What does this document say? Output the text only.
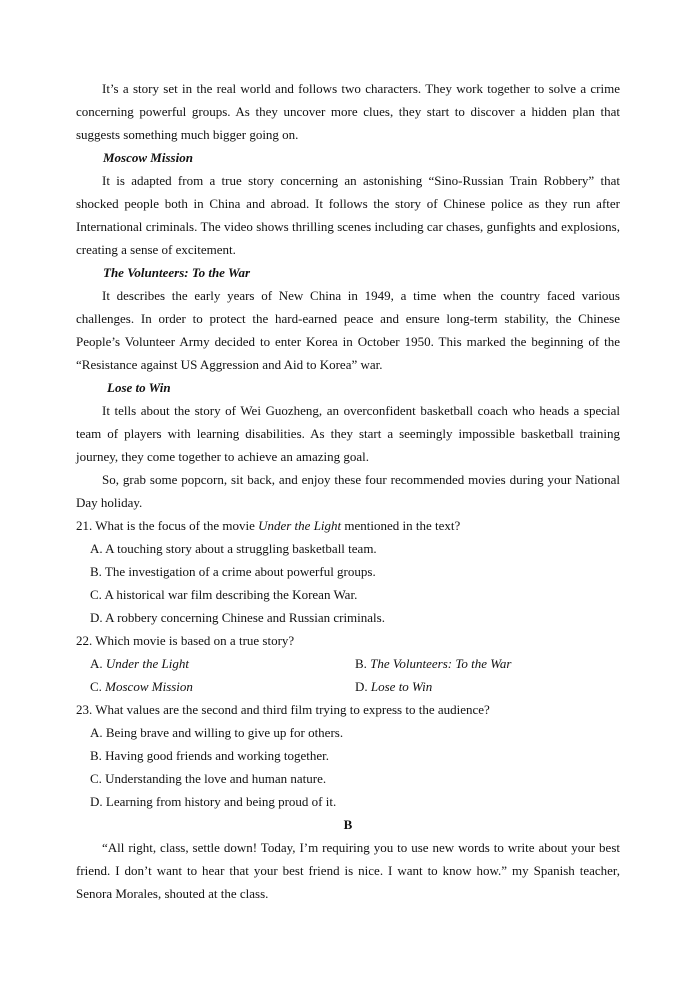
It’s a story set in the real world and follows two characters. They work together to solve a crime concerning powerful groups. As they uncover more clues, they start to discover a hidden plan that suggests something much bigger going on.

Moscow Mission

It is adapted from a true story concerning an astonishing “Sino-Russian Train Robbery” that shocked people both in China and abroad. It follows the story of Chinese police as they run after International criminals. The video shows thrilling scenes including car chases, gunfights and explosions, creating a sense of excitement.

The Volunteers: To the War

It describes the early years of New China in 1949, a time when the country faced various challenges. In order to protect the hard-earned peace and ensure long-term stability, the Chinese People’s Volunteer Army decided to enter Korea in October 1950. This marked the beginning of the “Resistance against US Aggression and Aid to Korea” war.

Lose to Win

It tells about the story of Wei Guozheng, an overconfident basketball coach who heads a special team of players with learning disabilities. As they start a seemingly impossible basketball training journey, they come together to achieve an amazing goal.

So, grab some popcorn, sit back, and enjoy these four recommended movies during your National Day holiday.

21. What is the focus of the movie Under the Light mentioned in the text?

A. A touching story about a struggling basketball team.

B. The investigation of a crime about powerful groups.

C. A historical war film describing the Korean War.

D. A robbery concerning Chinese and Russian criminals.

22. Which movie is based on a true story?

A. Under the Light	B. The Volunteers: To the War
C. Moscow Mission	D. Lose to Win

23. What values are the second and third film trying to express to the audience?

A. Being brave and willing to give up for others.

B. Having good friends and working together.

C. Understanding the love and human nature.

D. Learning from history and being proud of it.

B

“All right, class, settle down! Today, I’m requiring you to use new words to write about your best friend. I don’t want to hear that your best friend is nice. I want to know how.” my Spanish teacher, Senora Morales, shouted at the class.
